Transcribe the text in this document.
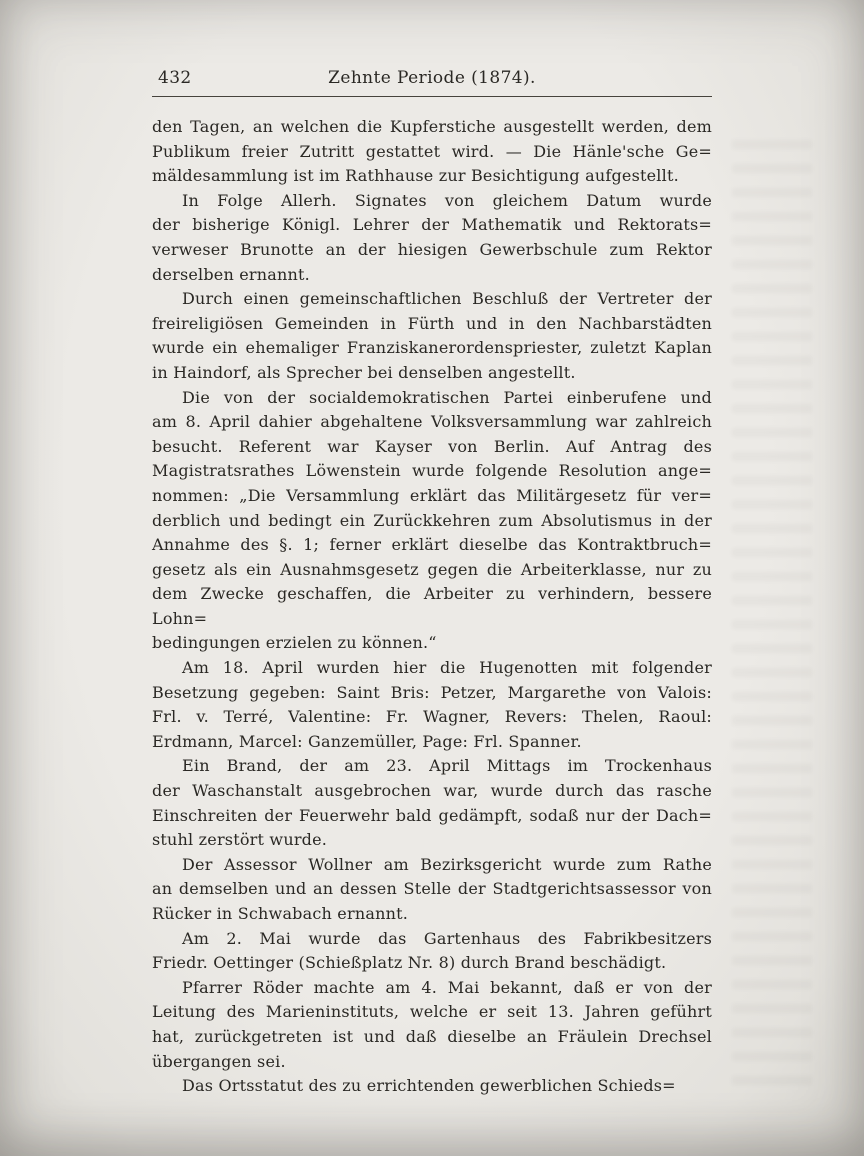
432	Zehnte Periode (1874).
den Tagen, an welchen die Kupferstiche ausgestellt werden, dem
Publikum freier Zutritt gestattet wird. — Die Hänle'sche Ge=
mäldesammlung ist im Rathhause zur Besichtigung aufgestellt.
In Folge Allerh. Signates von gleichem Datum wurde
der bisherige Königl. Lehrer der Mathematik und Rektorats=
verweser Brunotte an der hiesigen Gewerbschule zum Rektor
derselben ernannt.
Durch einen gemeinschaftlichen Beschluß der Vertreter der
freireligiösen Gemeinden in Fürth und in den Nachbarstädten
wurde ein ehemaliger Franziskanerordenspriester, zuletzt Kaplan
in Haindorf, als Sprecher bei denselben angestellt.
Die von der socialdemokratischen Partei einberufene und
am 8. April dahier abgehaltene Volksversammlung war zahlreich
besucht. Referent war Kayser von Berlin. Auf Antrag des
Magistratsrathes Löwenstein wurde folgende Resolution ange=
nommen: „Die Versammlung erklärt das Militärgesetz für ver=
derblich und bedingt ein Zurückkehren zum Absolutismus in der
Annahme des §. 1; ferner erklärt dieselbe das Kontraktbruch=
gesetz als ein Ausnahmsgesetz gegen die Arbeiterklasse, nur zu
dem Zwecke geschaffen, die Arbeiter zu verhindern, bessere Lohn=
bedingungen erzielen zu können.“
Am 18. April wurden hier die Hugenotten mit folgender
Besetzung gegeben: Saint Bris: Petzer, Margarethe von Valois:
Frl. v. Terré, Valentine: Fr. Wagner, Revers: Thelen, Raoul:
Erdmann, Marcel: Ganzemüller, Page: Frl. Spanner.
Ein Brand, der am 23. April Mittags im Trockenhaus
der Waschanstalt ausgebrochen war, wurde durch das rasche
Einschreiten der Feuerwehr bald gedämpft, sodaß nur der Dach=
stuhl zerstört wurde.
Der Assessor Wollner am Bezirksgericht wurde zum Rathe
an demselben und an dessen Stelle der Stadtgerichtsassessor von
Rücker in Schwabach ernannt.
Am 2. Mai wurde das Gartenhaus des Fabrikbesitzers
Friedr. Oettinger (Schießplatz Nr. 8) durch Brand beschädigt.
Pfarrer Röder machte am 4. Mai bekannt, daß er von der
Leitung des Marieninstituts, welche er seit 13. Jahren geführt
hat, zurückgetreten ist und daß dieselbe an Fräulein Drechsel
übergangen sei.
Das Ortsstatut des zu errichtenden gewerblichen Schieds=
